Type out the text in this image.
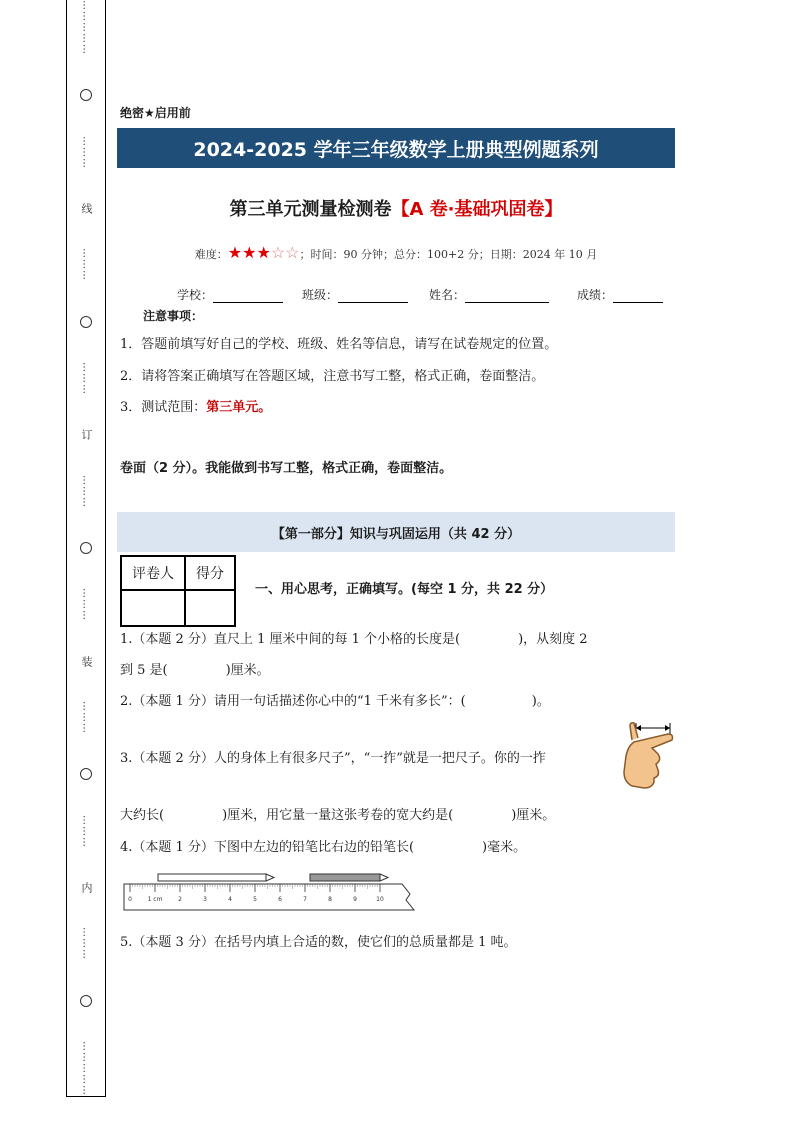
……………
………
线
………
………
订
………
………
装
………
………
内
………
……………
绝密★启用前
2024-2025 学年三年级数学上册典型例题系列
第三单元测量检测卷【A 卷·基础巩固卷】
难度：★★★☆☆；时间：90 分钟；总分：100+2 分；日期：2024 年 10 月
学校：	班级：	姓名：	成绩：
注意事项：
1．答题前填写好自己的学校、班级、姓名等信息，请写在试卷规定的位置。
2．请将答案正确填写在答题区域，注意书写工整，格式正确，卷面整洁。
3．测试范围：第三单元。
卷面（2 分）。我能做到书写工整，格式正确，卷面整洁。
【第一部分】知识与巩固运用（共 42 分）
评卷人	得分

一、用心思考，正确填写。(每空 1 分，共 22 分）
1.（本题 2 分）直尺上 1 厘米中间的每 1 个小格的长度是(	)，从刻度 2
到 5 是(	)厘米。
2.（本题 1 分）请用一句话描述你心中的“1 千米有多长”：(	)。
3.（本题 2 分）人的身体上有很多尺子”，“一拃”就是一把尺子。你的一拃
大约长(	)厘米，用它量一量这张考卷的宽大约是(	)厘米。
4.（本题 1 分）下图中左边的铅笔比右边的铅笔长(	)毫米。
0	1 cm	2	3	4	5	6	7	8	9	10
5.（本题 3 分）在括号内填上合适的数，使它们的总质量都是 1 吨。
